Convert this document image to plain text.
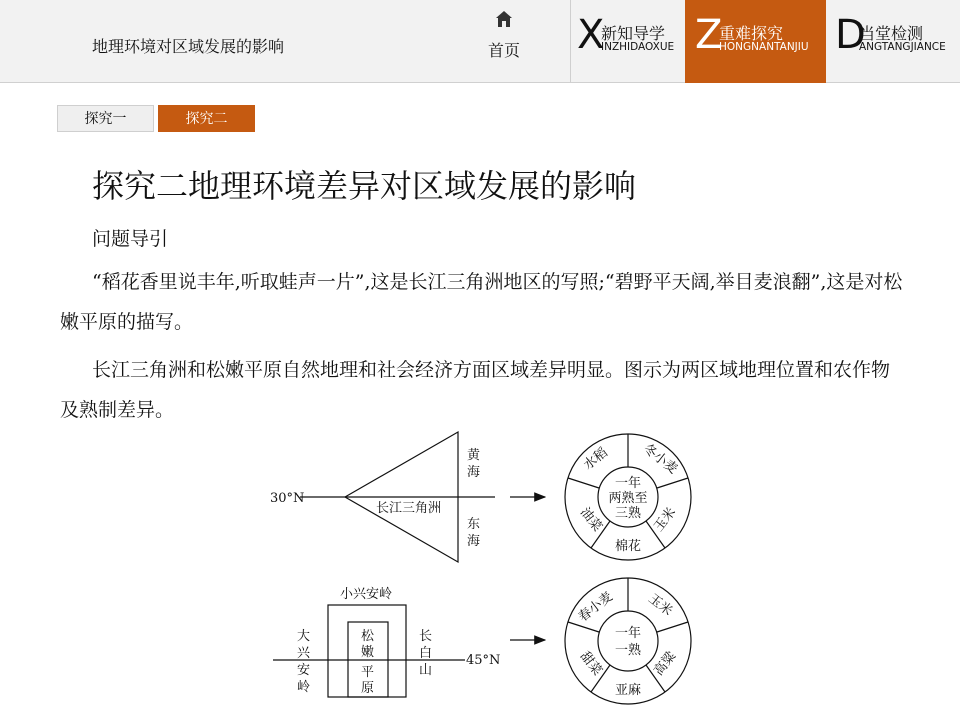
地理环境对区域发展的影响	首页	X
新知导学
INZHIDAOXUE Z
重难探究
HONGNANTANJIU D
当堂检测
ANGTANGJIANCE
探究一	探究二
探究二地理环境差异对区域发展的影响
问题导引
“稻花香里说丰年,听取蛙声一片”,这是长江三角洲地区的写照;“碧野平天阔,举目麦浪翻”,这是对松嫩平原的描写。
长江三角洲和松嫩平原自然地理和社会经济方面区域差异明显。图示为两区域地理位置和农作物及熟制差异。
30°N
长江三角洲
黄
海
东
海
一年
两熟至
三熟
水稻 冬小麦
玉米
棉花
油菜
小兴安岭
大
兴
安
岭
长
白
山
松
嫩
平
原
45°N
一年
一熟
春小麦 玉米
高粱
亚麻
甜菜
